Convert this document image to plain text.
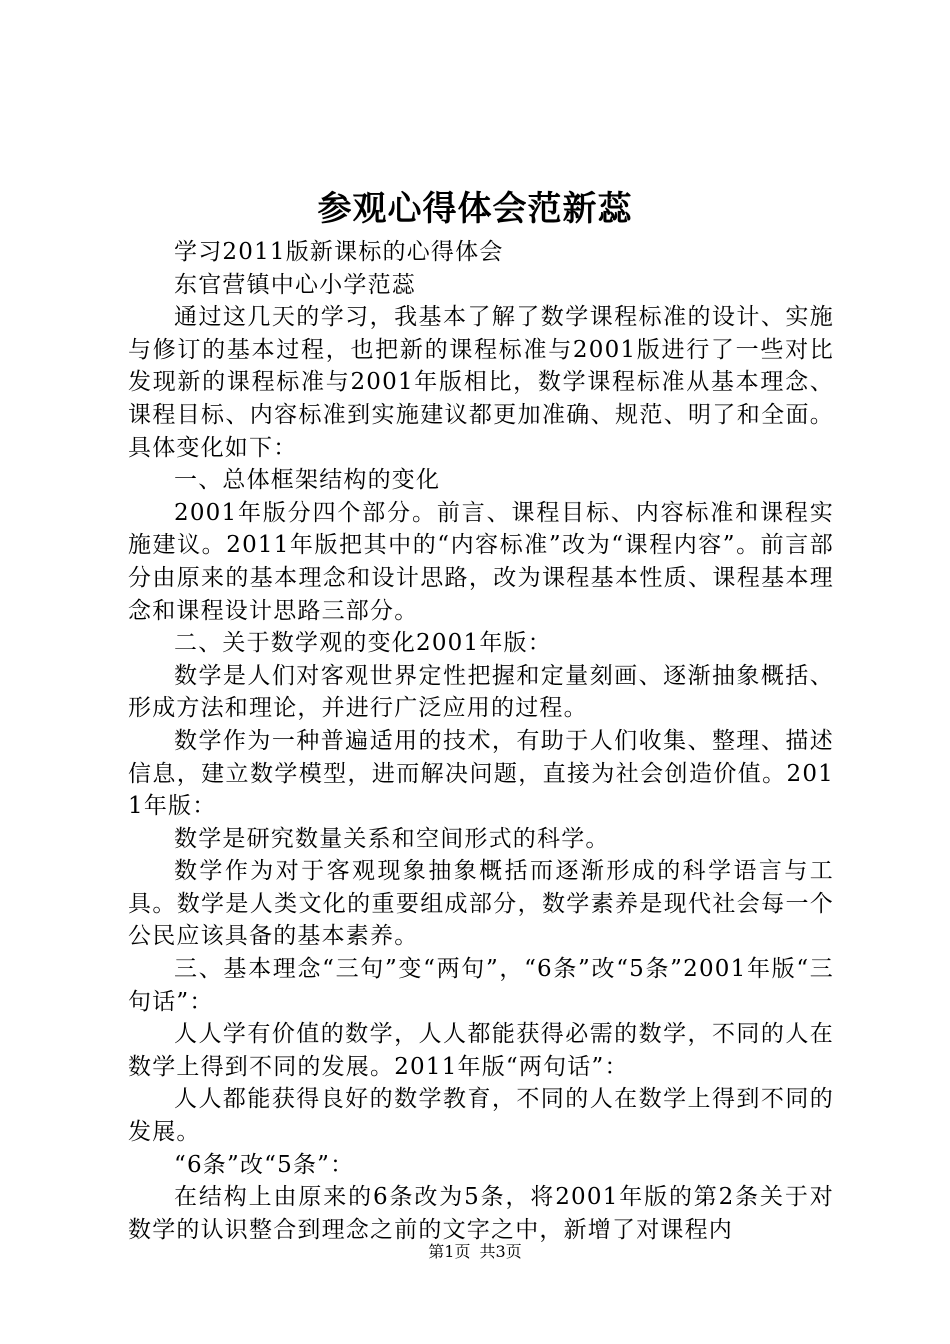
参观心得体会范新蕊

学习2011版新课标的心得体会

东官营镇中心小学范蕊

通过这几天的学习，我基本了解了数学课程标准的设计、实施与修订的基本过程，也把新的课程标准与2001版进行了一些对比发现新的课程标准与2001年版相比，数学课程标准从基本理念、课程目标、内容标准到实施建议都更加准确、规范、明了和全面。具体变化如下：

一、总体框架结构的变化

2001年版分四个部分。前言、课程目标、内容标准和课程实施建议。2011年版把其中的“内容标准”改为“课程内容”。前言部分由原来的基本理念和设计思路，改为课程基本性质、课程基本理念和课程设计思路三部分。

二、关于数学观的变化2001年版：

数学是人们对客观世界定性把握和定量刻画、逐渐抽象概括、形成方法和理论，并进行广泛应用的过程。

数学作为一种普遍适用的技术，有助于人们收集、整理、描述信息，建立数学模型，进而解决问题，直接为社会创造价值。2011年版：

数学是研究数量关系和空间形式的科学。

数学作为对于客观现象抽象概括而逐渐形成的科学语言与工具。数学是人类文化的重要组成部分，数学素养是现代社会每一个公民应该具备的基本素养。

三、基本理念“三句”变“两句”，“6条”改“5条”2001年版“三句话”：

人人学有价值的数学，人人都能获得必需的数学，不同的人在数学上得到不同的发展。2011年版“两句话”：

人人都能获得良好的数学教育，不同的人在数学上得到不同的发展。

“6条”改“5条”：

在结构上由原来的6条改为5条，将2001年版的第2条关于对数学的认识整合到理念之前的文字之中，新增了对课程内

第1页 共3页
